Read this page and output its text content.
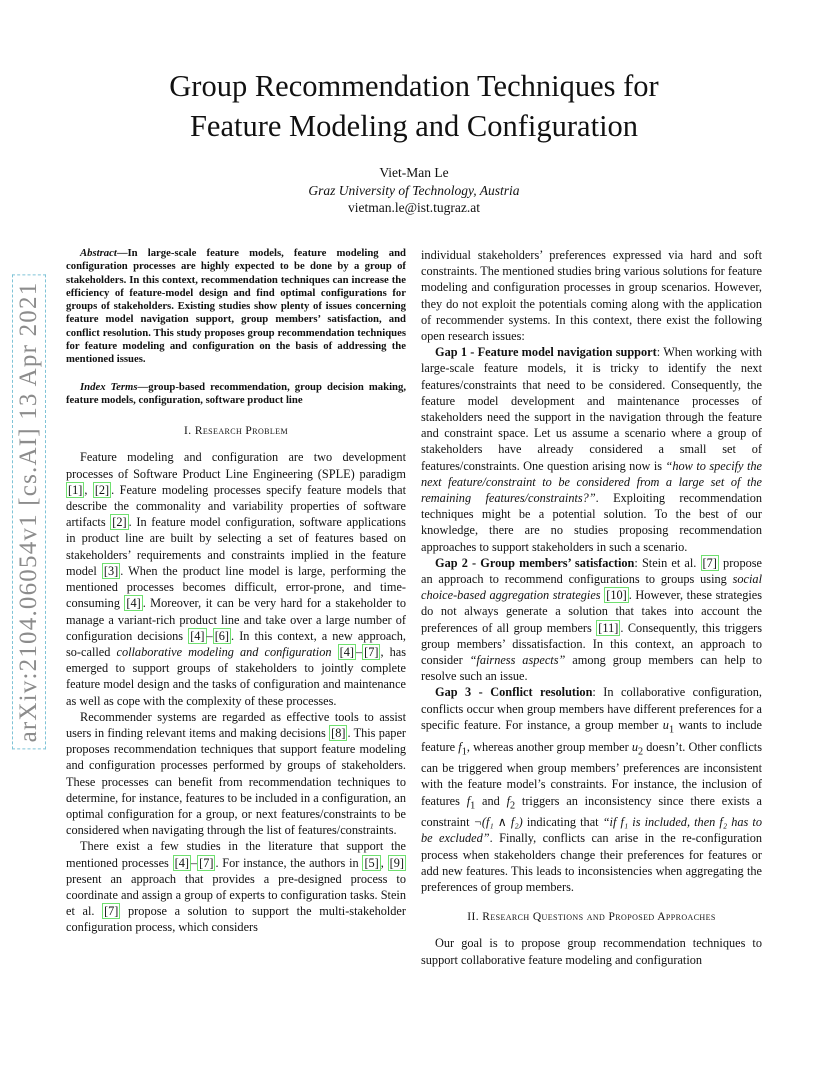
arXiv:2104.06054v1 [cs.AI] 13 Apr 2021
Group Recommendation Techniques for
Feature Modeling and Configuration
Viet-Man Le
Graz University of Technology, Austria
vietman.le@ist.tugraz.at

Abstract—In large-scale feature models, feature modeling and configuration processes are highly expected to be done by a group of stakeholders. In this context, recommendation techniques can increase the efficiency of feature-model design and find optimal configurations for groups of stakeholders. Existing studies show plenty of issues concerning feature model navigation support, group members’ satisfaction, and conflict resolution. This study proposes group recommendation techniques for feature modeling and configuration on the basis of addressing the mentioned issues.

Index Terms—group-based recommendation, group decision making, feature models, configuration, software product line

I. Research Problem

Feature modeling and configuration are two development processes of Software Product Line Engineering (SPLE) paradigm [1] , [2] . Feature modeling processes specify feature models that describe the commonality and variability properties of software artifacts [2] . In feature model configuration, software applications in product line are built by selecting a set of features based on stakeholders’ requirements and constraints implied in the feature model [3] . When the product line model is large, performing the mentioned processes becomes difficult, error-prone, and time-consuming [4] . Moreover, it can be very hard for a stakeholder to manage a variant-rich product line and take over a large number of configuration decisions [4] – [6] . In this context, a new approach, so-called collaborative modeling and configuration [4] – [7] , has emerged to support groups of stakeholders to jointly complete feature model design and the tasks of configuration and maintenance as well as cope with the complexity of these processes.

Recommender systems are regarded as effective tools to assist users in finding relevant items and making decisions [8] . This paper proposes recommendation techniques that support feature modeling and configuration processes performed by groups of stakeholders. These processes can benefit from recommendation techniques to determine, for instance, features to be included in a configuration, an optimal configuration for a group, or next features/constraints to be considered when navigating through the list of features/constraints.

There exist a few studies in the literature that support the mentioned processes [4] – [7] . For instance, the authors in [5] , [9] present an approach that provides a pre-designed process to coordinate and assign a group of experts to configuration tasks. Stein et al. [7] propose a solution to support the multi-stakeholder configuration process, which considers

individual stakeholders’ preferences expressed via hard and soft constraints. The mentioned studies bring various solutions for feature modeling and configuration processes in group scenarios. However, they do not exploit the potentials coming along with the application of recommender systems. In this context, there exist the following open research issues:

Gap 1 - Feature model navigation support: When working with large-scale feature models, it is tricky to identify the next features/constraints that need to be considered. Consequently, the feature model development and maintenance processes of stakeholders need the support in the navigation through the feature and constraint space. Let us assume a scenario where a group of stakeholders have already considered a small set of features/constraints. One question arising now is “how to specify the next feature/constraint to be considered from a large set of the remaining features/constraints?”. Exploiting recommendation techniques might be a potential solution. To the best of our knowledge, there are no studies proposing recommendation approaches to support stakeholders in such a scenario.

Gap 2 - Group members’ satisfaction: Stein et al. [7] propose an approach to recommend configurations to groups using social choice-based aggregation strategies [10] . However, these strategies do not always generate a solution that takes into account the preferences of all group members [11] . Consequently, this triggers group members’ dissatisfaction. In this context, an approach to consider “fairness aspects” among group members can help to resolve such an issue.

Gap 3 - Conflict resolution: In collaborative configuration, conflicts occur when group members have different preferences for a specific feature. For instance, a group member $u_1$ wants to include feature $f_1$, whereas another group member $u_2$ doesn’t. Other conflicts can be triggered when group members’ preferences are inconsistent with the feature model’s constraints. For instance, the inclusion of features $f_1$ and $f_2$ triggers an inconsistency since there exists a constraint ¬(f₁ ∧ f₂) indicating that “if f₁ is included, then f₂ has to be excluded”. Finally, conflicts can arise in the re-configuration process when stakeholders change their preferences for features or add new features. This leads to inconsistencies when aggregating the preferences of group members.

II. Research Questions and Proposed Approaches

Our goal is to propose group recommendation techniques to support collaborative feature modeling and configuration
